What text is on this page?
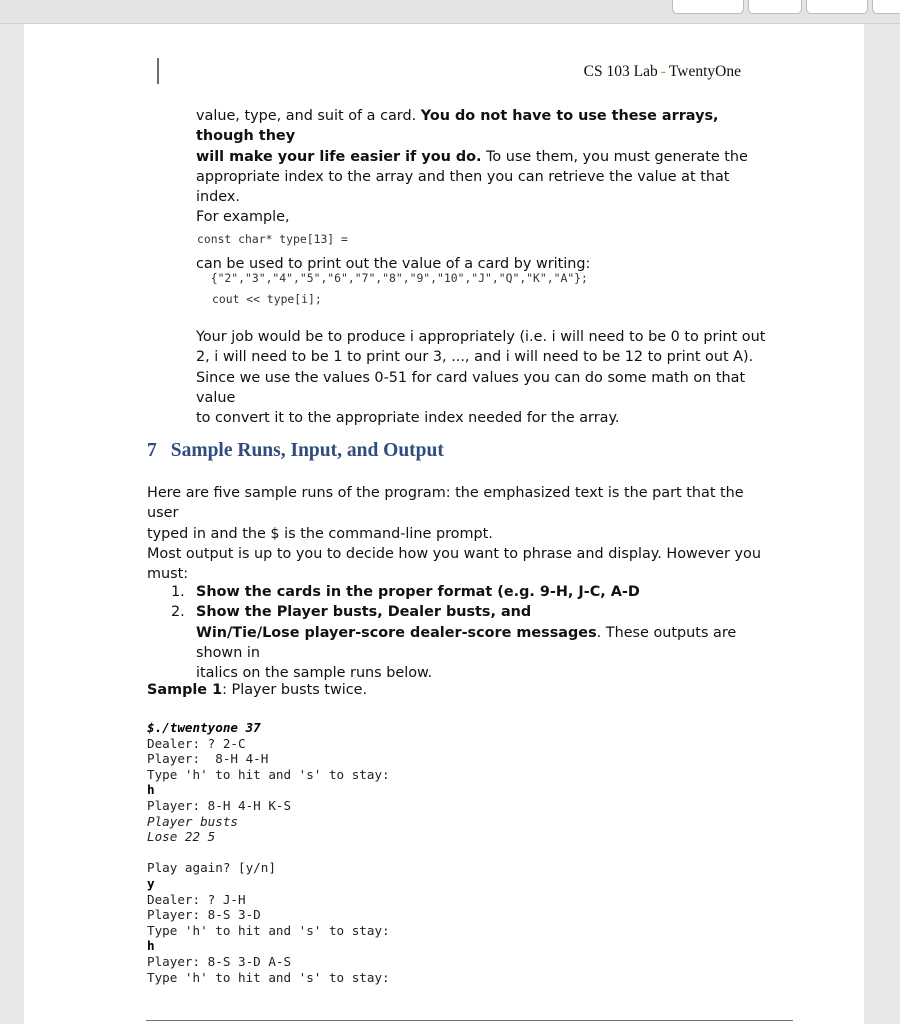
CS 103 Lab - TwentyOne
value, type, and suit of a card. You do not have to use these arrays, though they
will make your life easier if you do. To use them, you must generate the
appropriate index to the array and then you can retrieve the value at that index.
For example,

const char* type[13] =

{"2","3","4","5","6","7","8","9","10","J","Q","K","A"};

can be used to print out the value of a card by writing:
cout << type[i];
Your job would be to produce i appropriately (i.e. i will need to be 0 to print out
2, i will need to be 1 to print our 3, ..., and i will need to be 12 to print out A).
Since we use the values 0-51 for card values you can do some math on that value
to convert it to the appropriate index needed for the array.
7 Sample Runs, Input, and Output
Here are five sample runs of the program: the emphasized text is the part that the user
typed in and the $ is the command-line prompt.
Most output is up to you to decide how you want to phrase and display. However you
must:
1. Show the cards in the proper format (e.g. 9-H, J-C, A-D
2. Show the Player busts, Dealer busts, and
Win/Tie/Lose player-score dealer-score messages. These outputs are shown in
italics on the sample runs below.
Sample 1: Player busts twice.
$./twentyone 37
Dealer: ? 2-C
Player:  8-H 4-H
Type 'h' to hit and 's' to stay:
h
Player: 8-H 4-H K-S
Player busts
Lose 22 5
Play again? [y/n]
y
Dealer: ? J-H
Player: 8-S 3-D
Type 'h' to hit and 's' to stay:
h
Player: 8-S 3-D A-S
Type 'h' to hit and 's' to stay:
